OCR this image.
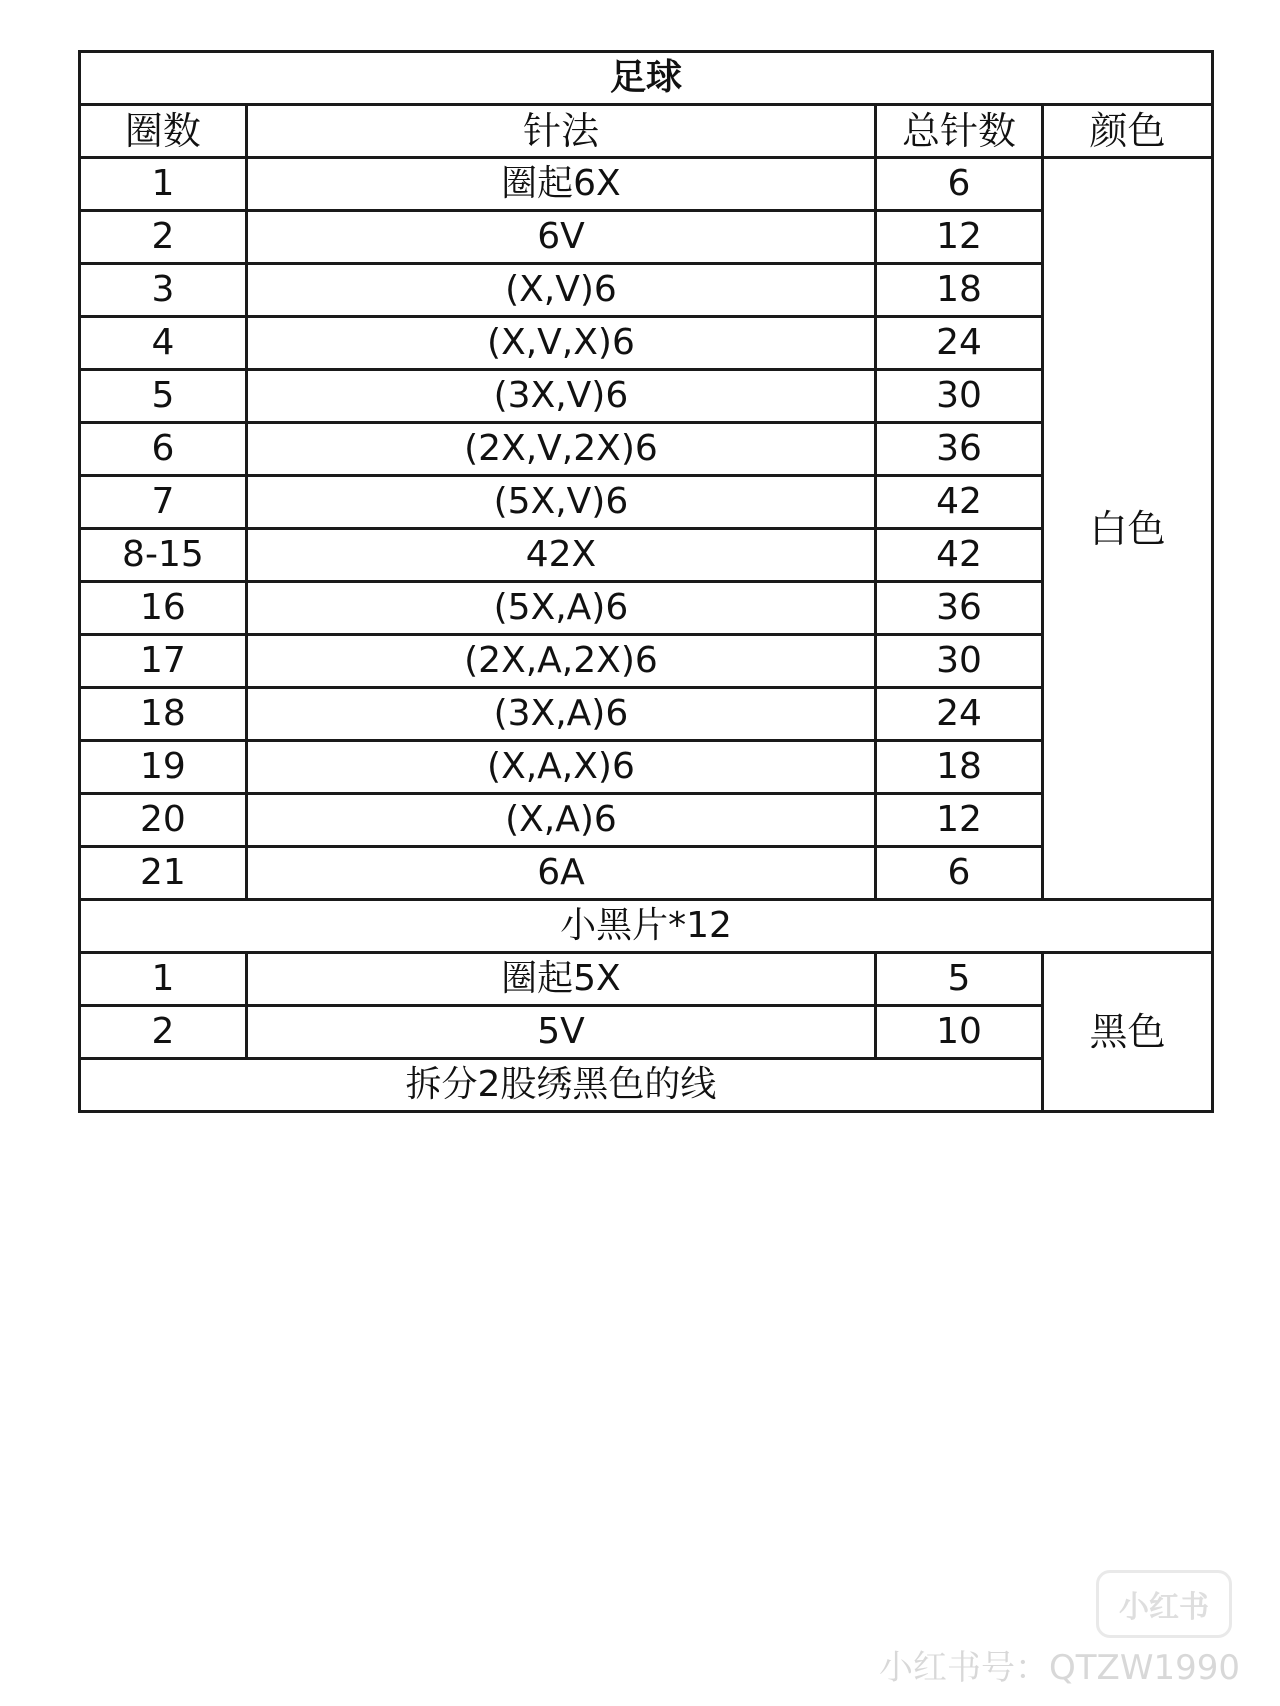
足球			
圈数	针法	总针数	颜色
1	圈起6X	6	白色
2	6V	12	
3	(X,V)6	18	
4	(X,V,X)6	24	
5	(3X,V)6	30	
6	(2X,V,2X)6	36	
7	(5X,V)6	42	
8-15	42X	42	
16	(5X,A)6	36	
17	(2X,A,2X)6	30	
18	(3X,A)6	24	
19	(X,A,X)6	18	
20	(X,A)6	12	
21	6A	6	
小黑片*12			
1	圈起5X	5	黑色
2	5V	10	
拆分2股绣黑色的线			
小红书
小红书号：QTZW1990
